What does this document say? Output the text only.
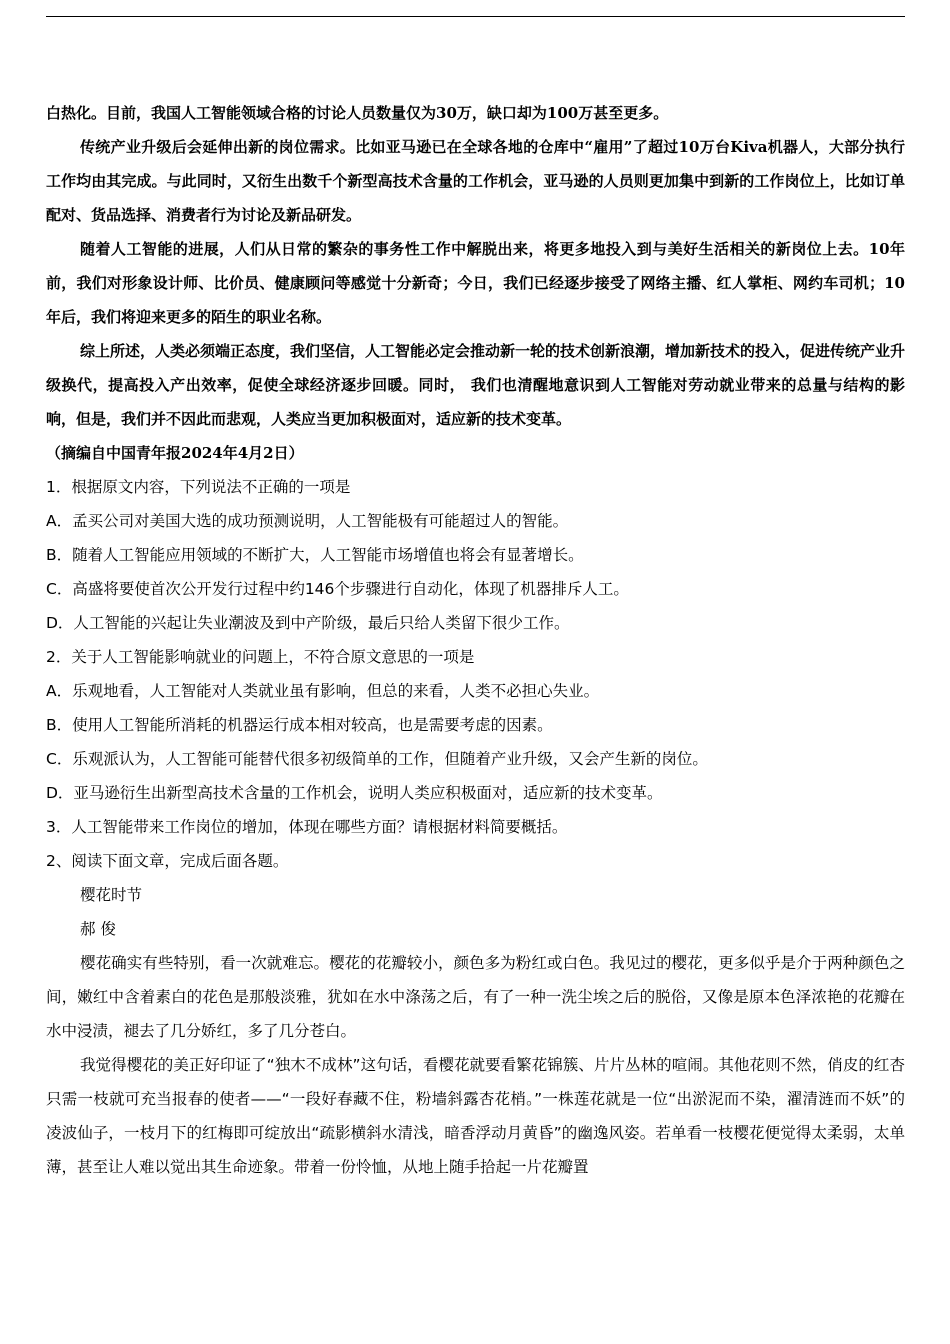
白热化。目前，我国人工智能领域合格的讨论人员数量仅为30万，缺口却为100万甚至更多。

传统产业升级后会延伸出新的岗位需求。比如亚马逊已在全球各地的仓库中“雇用”了超过10万台Kiva机器人，大部分执行工作均由其完成。与此同时，又衍生出数千个新型高技术含量的工作机会，亚马逊的人员则更加集中到新的工作岗位上，比如订单配对、货品选择、消费者行为讨论及新品研发。

随着人工智能的进展，人们从日常的繁杂的事务性工作中解脱出来，将更多地投入到与美好生活相关的新岗位上去。10年前，我们对形象设计师、比价员、健康顾问等感觉十分新奇；今日，我们已经逐步接受了网络主播、红人掌柜、网约车司机；10年后，我们将迎来更多的陌生的职业名称。

综上所述，人类必须端正态度，我们坚信，人工智能必定会推动新一轮的技术创新浪潮，增加新技术的投入，促进传统产业升级换代，提高投入产出效率，促使全球经济逐步回暖。同时， 我们也清醒地意识到人工智能对劳动就业带来的总量与结构的影响，但是，我们并不因此而悲观，人类应当更加积极面对，适应新的技术变革。

（摘编自中国青年报2024年4月2日）

1．根据原文内容，下列说法不正确的一项是

A．孟买公司对美国大选的成功预测说明，人工智能极有可能超过人的智能。

B．随着人工智能应用领域的不断扩大，人工智能市场增值也将会有显著增长。

C．高盛将要使首次公开发行过程中约146个步骤进行自动化，体现了机器排斥人工。

D．人工智能的兴起让失业潮波及到中产阶级，最后只给人类留下很少工作。

2．关于人工智能影响就业的问题上，不符合原文意思的一项是

A．乐观地看，人工智能对人类就业虽有影响，但总的来看，人类不必担心失业。

B．使用人工智能所消耗的机器运行成本相对较高，也是需要考虑的因素。

C．乐观派认为，人工智能可能替代很多初级简单的工作，但随着产业升级，又会产生新的岗位。

D．亚马逊衍生出新型高技术含量的工作机会，说明人类应积极面对，适应新的技术变革。

3．人工智能带来工作岗位的增加，体现在哪些方面？请根据材料简要概括。

2、阅读下面文章，完成后面各题。

樱花时节

郝 俊

樱花确实有些特别，看一次就难忘。樱花的花瓣较小，颜色多为粉红或白色。我见过的樱花，更多似乎是介于两种颜色之间，嫩红中含着素白的花色是那般淡雅，犹如在水中涤荡之后，有了一种一洗尘埃之后的脱俗，又像是原本色泽浓艳的花瓣在水中浸渍，褪去了几分娇红，多了几分苍白。

我觉得樱花的美正好印证了“独木不成林”这句话，看樱花就要看繁花锦簇、片片丛林的喧闹。其他花则不然，俏皮的红杏只需一枝就可充当报春的使者——“一段好春藏不住，粉墙斜露杏花梢。”一株莲花就是一位“出淤泥而不染，濯清涟而不妖”的凌波仙子，一枝月下的红梅即可绽放出“疏影横斜水清浅，暗香浮动月黄昏”的幽逸风姿。若单看一枝樱花便觉得太柔弱，太单薄，甚至让人难以觉出其生命迹象。带着一份怜恤，从地上随手拾起一片花瓣置
